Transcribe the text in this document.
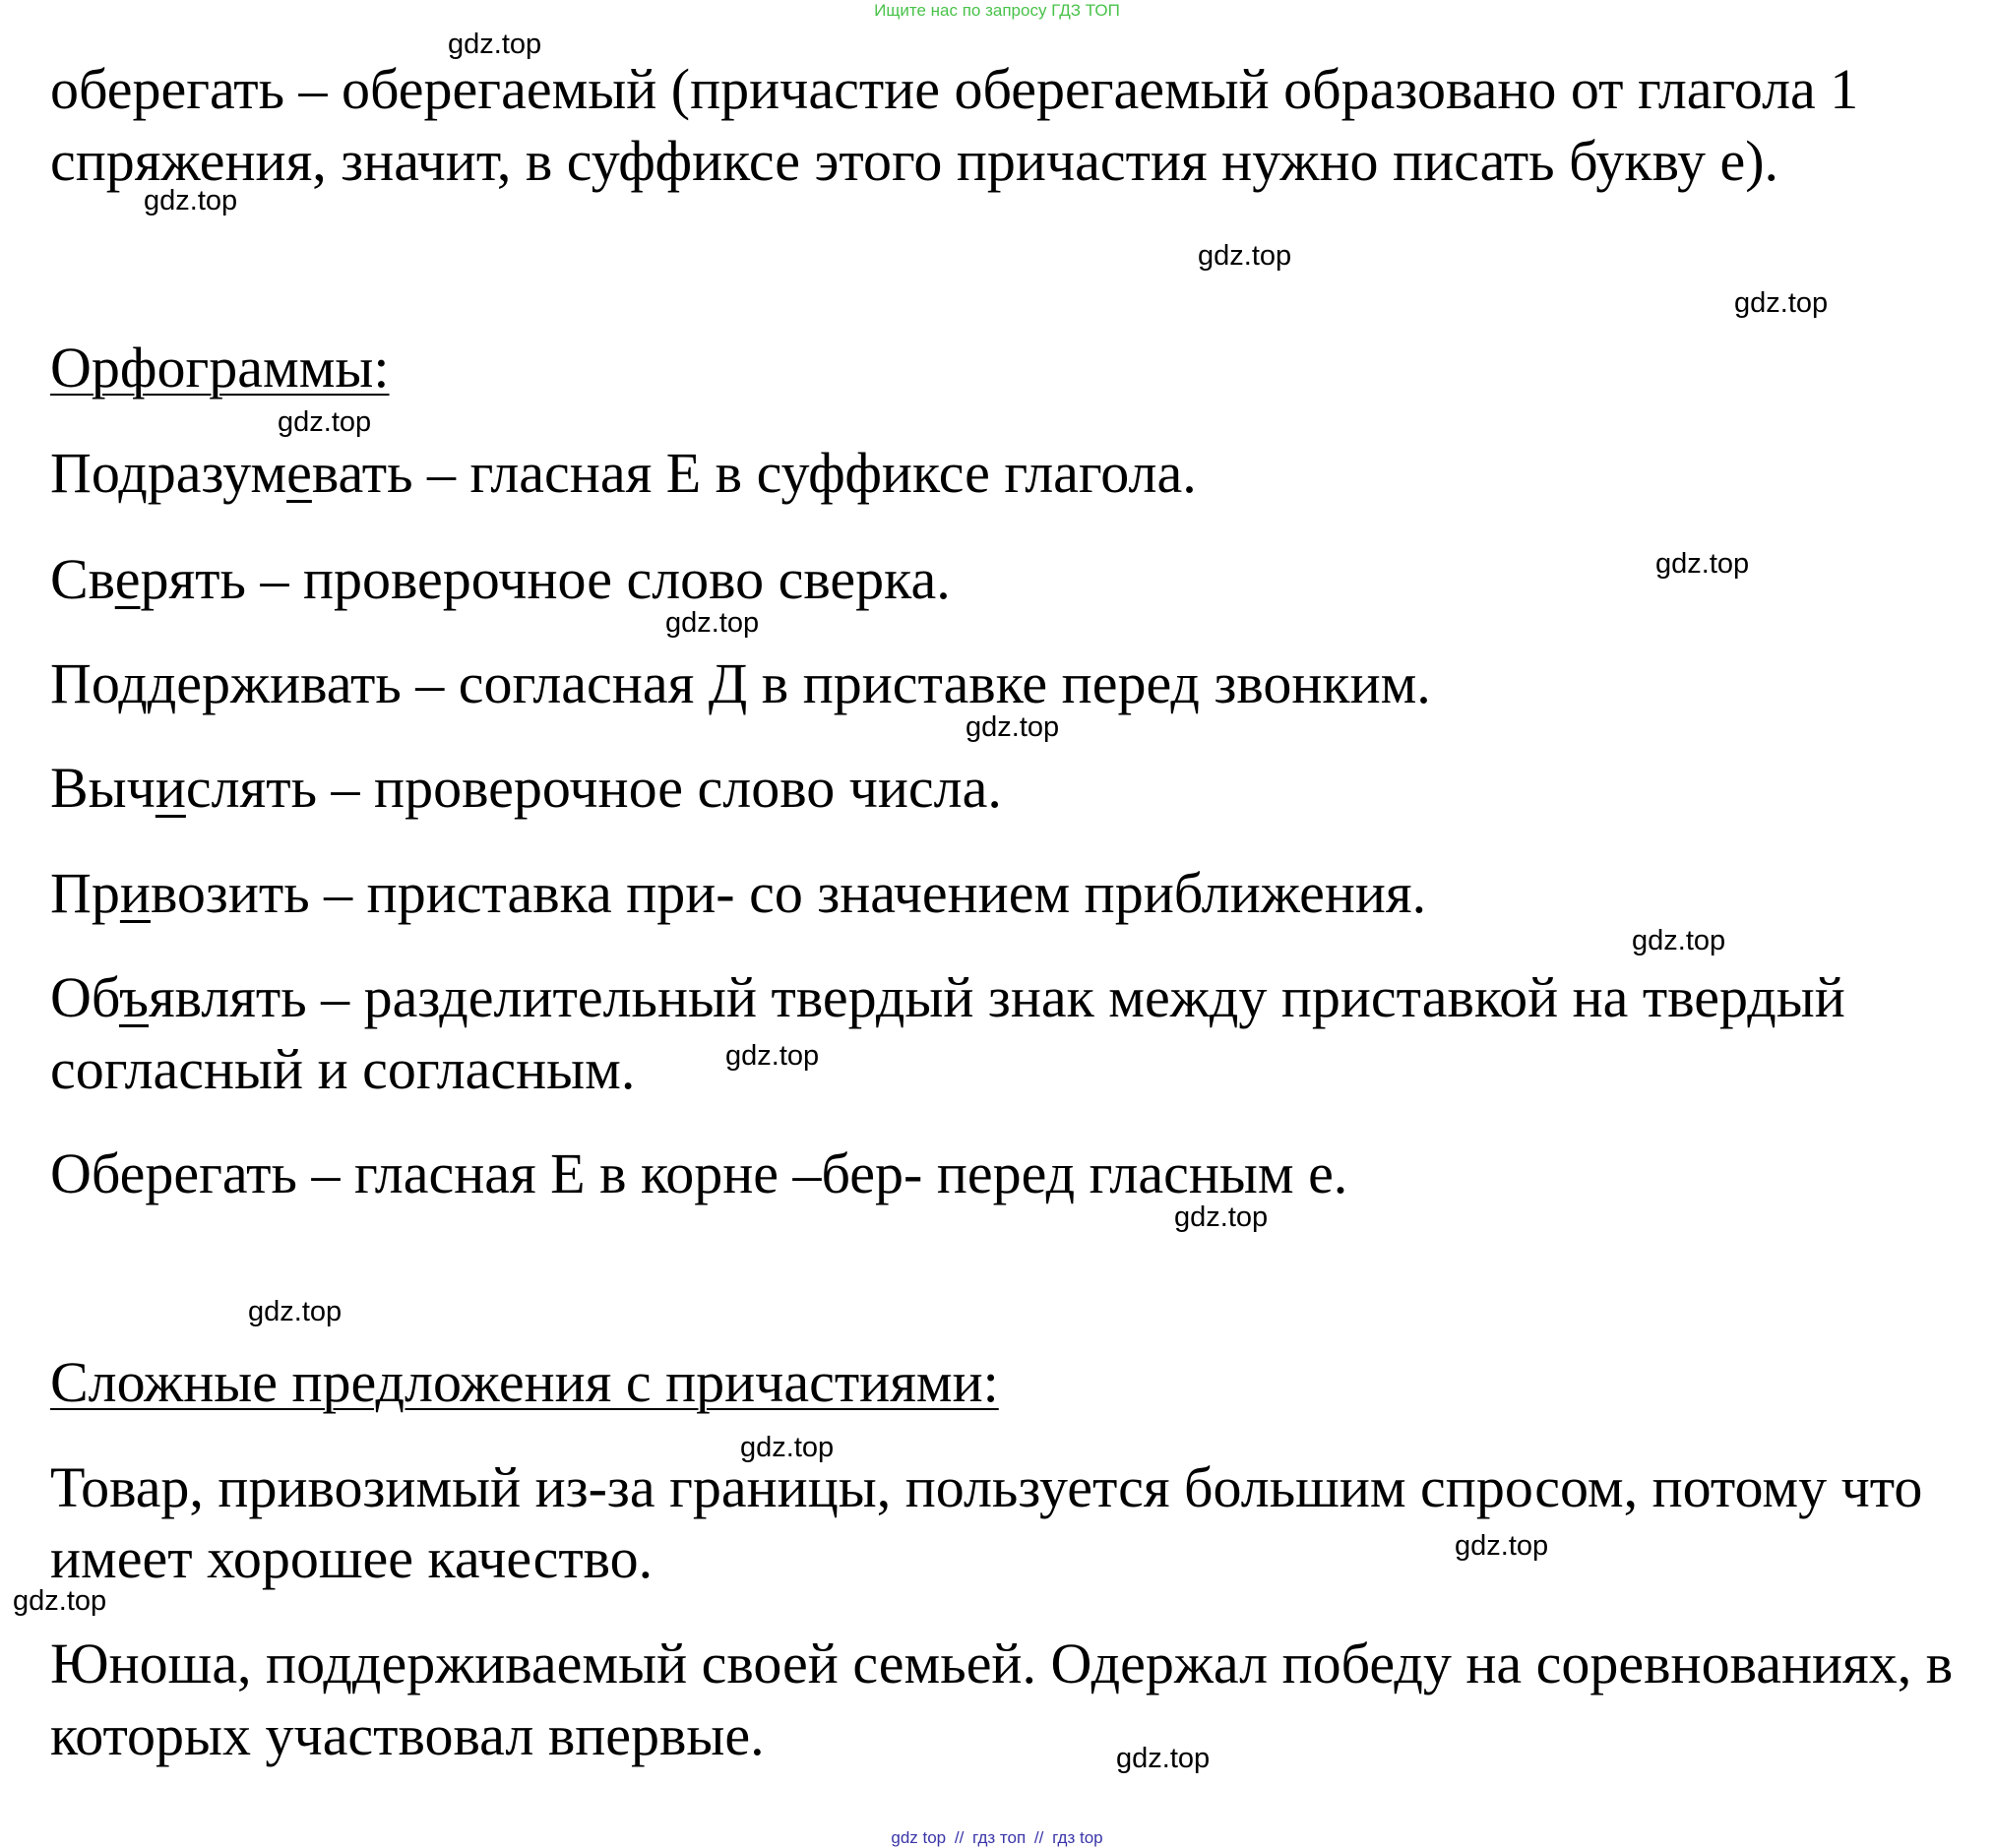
Ищите нас по запросу ГДЗ ТОП

оберегать – оберегаемый (причастие оберегаемый образовано от глагола 1

спряжения, значит, в суффиксе этого причастия нужно писать букву е).

Орфограммы:

Подразумевать – гласная Е в суффиксе глагола.

Сверять – проверочное слово сверка.

Поддерживать – согласная Д в приставке перед звонким.

Вычислять – проверочное слово числа.

Привозить – приставка при- со значением приближения.

Объявлять – разделительный твердый знак между приставкой на твердый

согласный и согласным.

Оберегать – гласная Е в корне –бер- перед гласным е.

Сложные предложения с причастиями:

Товар, привозимый из-за границы, пользуется большим спросом, потому что

имеет хорошее качество.

Юноша, поддерживаемый своей семьей. Одержал победу на соревнованиях, в

которых участвовал впервые.

gdz.top
gdz.top
gdz.top
gdz.top
gdz.top
gdz.top
gdz.top
gdz.top
gdz.top
gdz.top
gdz.top
gdz.top
gdz.top
gdz.top
gdz.top
gdz.top
gdz top // гдз топ // гдз top
